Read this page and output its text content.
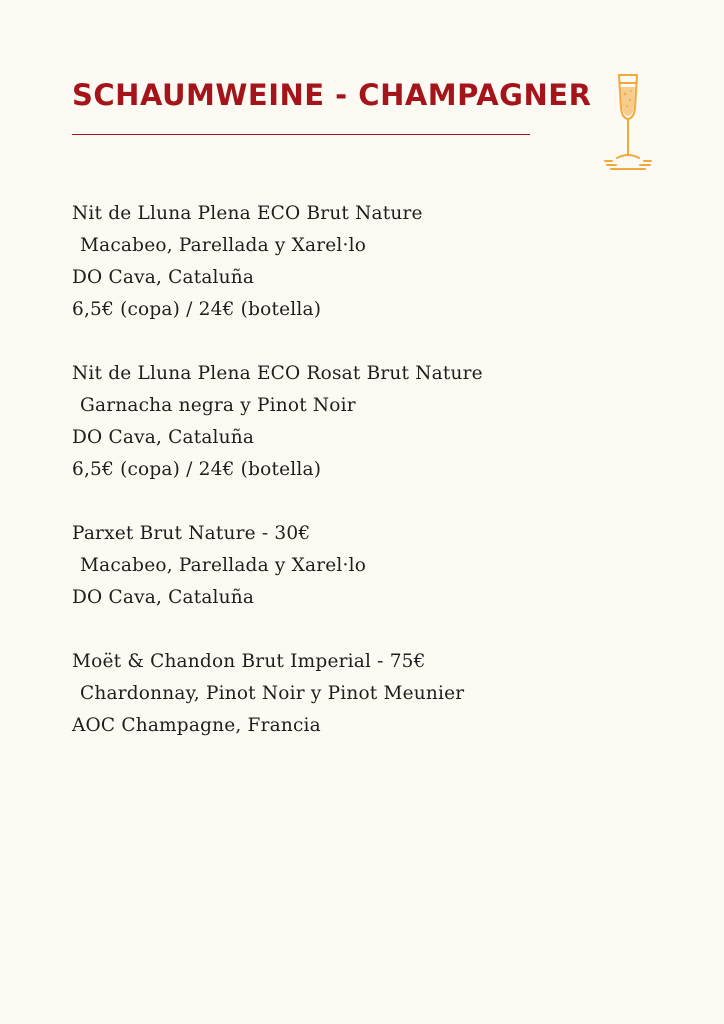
SCHAUMWEINE - CHAMPAGNER
Nit de Lluna Plena ECO Brut Nature
Macabeo, Parellada y Xarel·lo
DO Cava, Cataluña
6,5€ (copa) / 24€ (botella)
Nit de Lluna Plena ECO Rosat Brut Nature
Garnacha negra y Pinot Noir
DO Cava, Cataluña
6,5€ (copa) / 24€ (botella)
Parxet Brut Nature - 30€
Macabeo, Parellada y Xarel·lo
DO Cava, Cataluña
Moët & Chandon Brut Imperial - 75€
Chardonnay, Pinot Noir y Pinot Meunier
AOC Champagne, Francia
